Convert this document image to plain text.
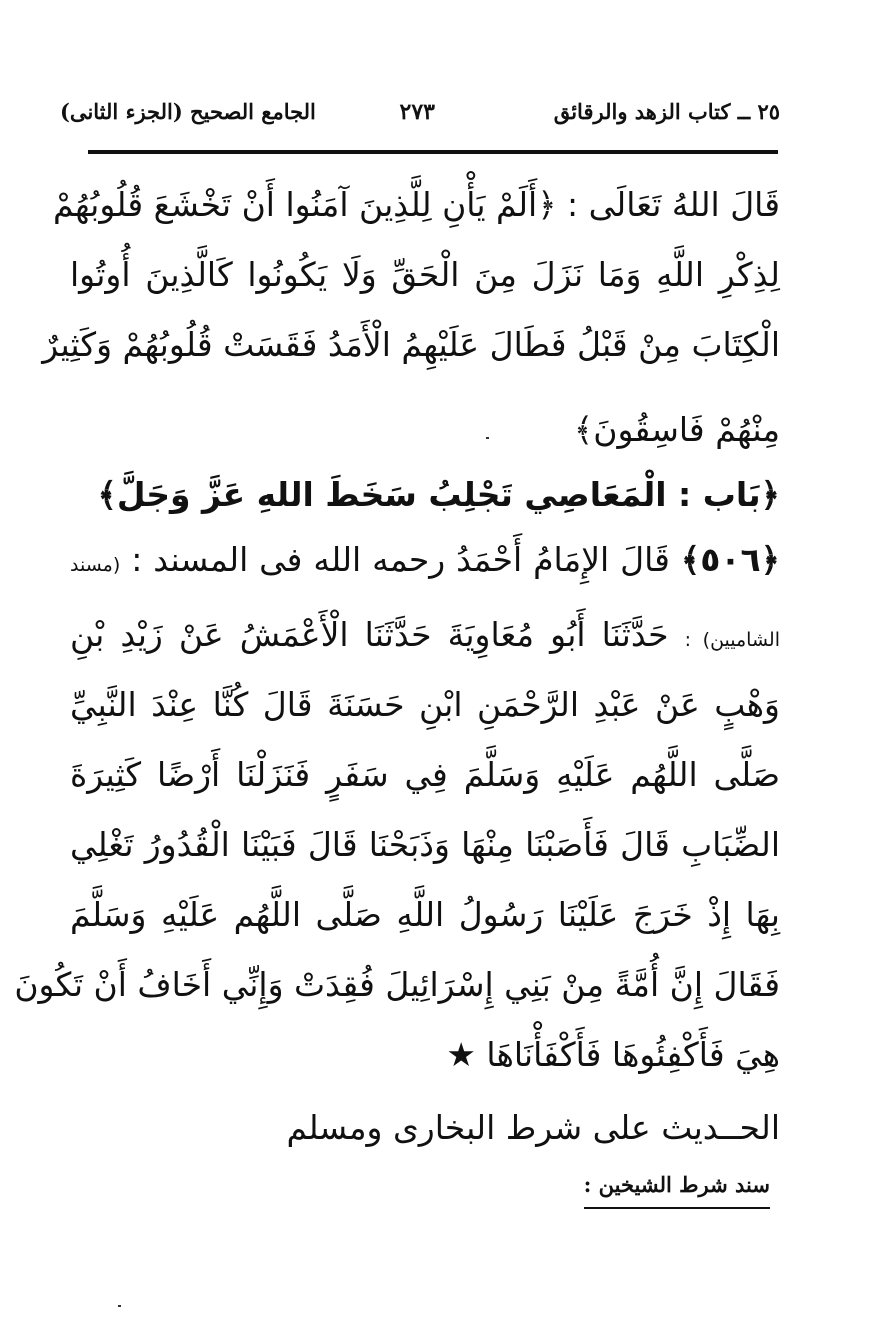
٢٥ ــ كتاب الزهد والرقائق
٢٧٣
الجامع الصحيح (الجزء الثانى)
قَالَ اللهُ تَعَالَى : ﴿أَلَمْ يَأْنِ لِلَّذِينَ آمَنُوا أَنْ تَخْشَعَ قُلُوبُهُمْ
لِذِكْرِ اللَّهِ وَمَا نَزَلَ مِنَ الْحَقِّ وَلَا يَكُونُوا كَالَّذِينَ أُوتُوا
الْكِتَابَ مِنْ قَبْلُ فَطَالَ عَلَيْهِمُ الْأَمَدُ فَقَسَتْ قُلُوبُهُمْ وَكَثِيرٌ
مِنْهُمْ فَاسِقُونَ﴾
﴿بَاب : الْمَعَاصِي تَجْلِبُ سَخَطَ اللهِ عَزَّ وَجَلَّ﴾
﴿٥٠٦﴾ قَالَ الإِمَامُ أَحْمَدُ رحمه الله فى المسند : (مسند
الشاميين) : حَدَّثَنَا أَبُو مُعَاوِيَةَ حَدَّثَنَا الْأَعْمَشُ عَنْ زَيْدِ بْنِ
وَهْبٍ عَنْ عَبْدِ الرَّحْمَنِ ابْنِ حَسَنَةَ قَالَ كُنَّا عِنْدَ النَّبِيِّ
صَلَّى اللَّهُم عَلَيْهِ وَسَلَّمَ فِي سَفَرٍ فَنَزَلْنَا أَرْضًا كَثِيرَةَ
الضِّبَابِ قَالَ فَأَصَبْنَا مِنْهَا وَذَبَحْنَا قَالَ فَبَيْنَا الْقُدُورُ تَغْلِي
بِهَا إِذْ خَرَجَ عَلَيْنَا رَسُولُ اللَّهِ صَلَّى اللَّهُم عَلَيْهِ وَسَلَّمَ
فَقَالَ إِنَّ أُمَّةً مِنْ بَنِي إِسْرَائِيلَ فُقِدَتْ وَإِنِّي أَخَافُ أَنْ تَكُونَ
هِيَ فَأَكْفِئُوهَا فَأَكْفَأْنَاهَا ★
الحــديث على شرط البخارى ومسلم
سند شرط الشيخين :
